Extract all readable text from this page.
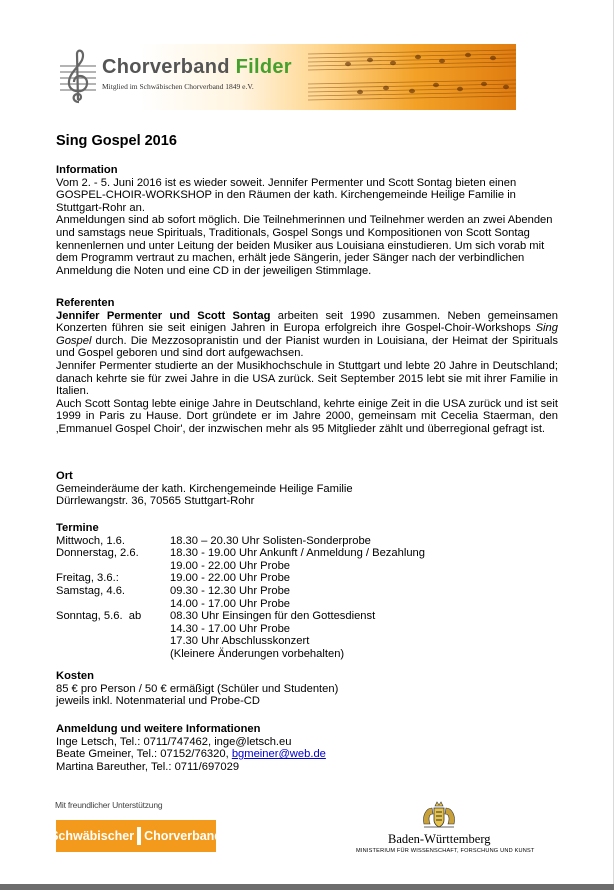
Chorverband Filder
Mitglied im Schwäbischen Chorverband 1849 e.V.
Sing Gospel 2016
Information

Vom 2. - 5. Juni 2016 ist es wieder soweit. Jennifer Permenter und Scott Sontag bieten einen GOSPEL-CHOIR-WORKSHOP in den Räumen der kath. Kirchengemeinde Heilige Familie in Stuttgart-Rohr an.

Anmeldungen sind ab sofort möglich. Die Teilnehmerinnen und Teilnehmer werden an zwei Abenden und samstags neue Spirituals, Traditionals, Gospel Songs und Kompositionen von Scott Sontag kennenlernen und unter Leitung der beiden Musiker aus Louisiana einstudieren. Um sich vorab mit dem Programm vertraut zu machen, erhält jede Sängerin, jeder Sänger nach der verbindlichen Anmeldung die Noten und eine CD in der jeweiligen Stimmlage.

Referenten

Jennifer Permenter und Scott Sontag arbeiten seit 1990 zusammen. Neben gemeinsamen Konzerten führen sie seit einigen Jahren in Europa erfolgreich ihre Gospel-Choir-Workshops Sing Gospel durch. Die Mezzosopranistin und der Pianist wurden in Louisiana, der Heimat der Spirituals und Gospel geboren und sind dort aufgewachsen.

Jennifer Permenter studierte an der Musikhochschule in Stuttgart und lebte 20 Jahre in Deutschland; danach kehrte sie für zwei Jahre in die USA zurück. Seit September 2015 lebt sie mit ihrer Familie in Italien.

Auch Scott Sontag lebte einige Jahre in Deutschland, kehrte einige Zeit in die USA zurück und ist seit 1999 in Paris zu Hause. Dort gründete er im Jahre 2000, gemeinsam mit Cecelia Staerman, den ‚Emmanuel Gospel Choir', der inzwischen mehr als 95 Mitglieder zählt und überregional gefragt ist.

Ort

Gemeinderäume der kath. Kirchengemeinde Heilige Familie

Dürrlewangstr. 36, 70565 Stuttgart-Rohr

Termine
Mittwoch, 1.6.	18.30 – 20.30 Uhr Solisten-Sonderprobe
Donnerstag, 2.6.	18.30 - 19.00 Uhr Ankunft / Anmeldung / Bezahlung
19.00 - 22.00 Uhr Probe
Freitag, 3.6.:	19.00 - 22.00 Uhr Probe
Samstag, 4.6.	09.30 - 12.30 Uhr Probe
14.00 - 17.00 Uhr Probe
Sonntag, 5.6.  ab	08.30 Uhr Einsingen für den Gottesdienst
14.30 - 17.00 Uhr Probe
17.30 Uhr Abschlusskonzert
(Kleinere Änderungen vorbehalten)
Kosten

85 € pro Person / 50 € ermäßigt (Schüler und Studenten)

jeweils inkl. Notenmaterial und Probe-CD

Anmeldung und weitere Informationen

Inge Letsch, Tel.: 0711/747462, inge@letsch.eu

Beate Gmeiner, Tel.: 07152/76320, bgmeiner@web.de

Martina Bareuther, Tel.: 0711/697029

Mit freundlicher Unterstützung
Schwäbischer Chorverband	Baden-Württemberg
MINISTERIUM FÜR WISSENSCHAFT, FORSCHUNG UND KUNST
